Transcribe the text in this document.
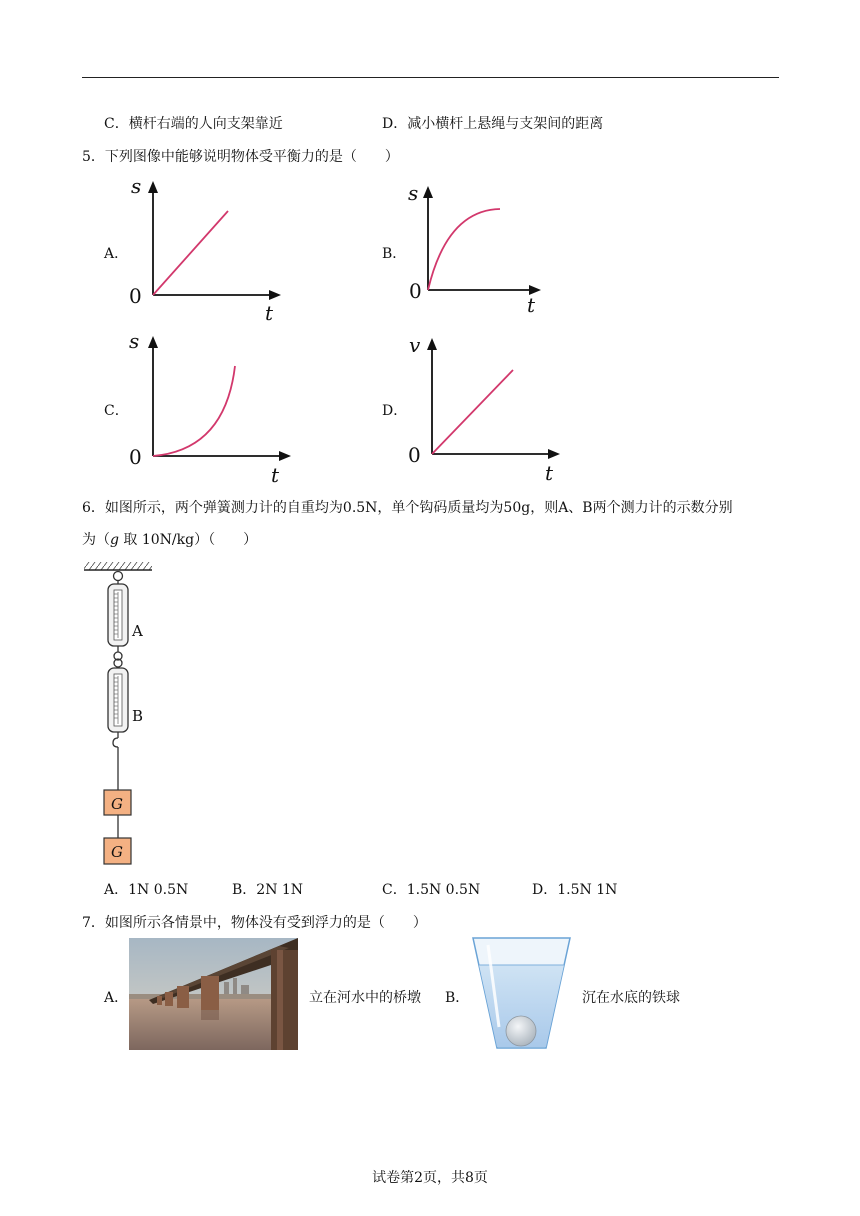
C．横杆右端的人向支架靠近	D．减小横杆上悬绳与支架间的距离
5．下列图像中能够说明物体受平衡力的是（　　）
A．	B．
C．	D．
s
t
0
s
t
0
s
t
0
v
t
0
6．如图所示，两个弹簧测力计的自重均为0.5N，单个钩码质量均为50g，则A、B两个测力计的示数分别
为（g 取 10N/kg）（　　）
A
B
G
G
A．1N 0.5N	B．2N 1N	C．1.5N 0.5N	D．1.5N 1N
7．如图所示各情景中，物体没有受到浮力的是（　　）
A．	立在河水中的桥墩 B．	沉在水底的铁球
试卷第2页，共8页
